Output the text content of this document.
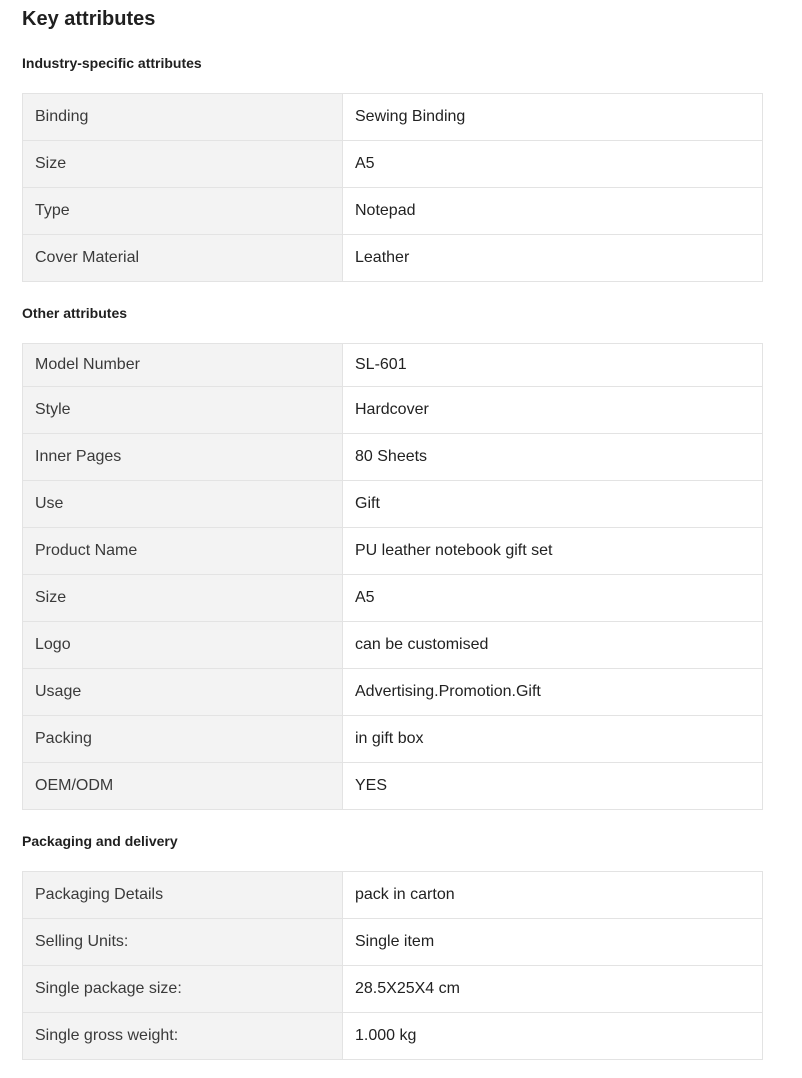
Key attributes
Industry-specific attributes
Binding	Sewing Binding
Size	A5
Type	Notepad
Cover Material	Leather
Other attributes
Model Number	SL-601
Style	Hardcover
Inner Pages	80 Sheets
Use	Gift
Product Name	PU leather notebook gift set
Size	A5
Logo	can be customised
Usage	Advertising.Promotion.Gift
Packing	in gift box
OEM/ODM	YES
Packaging and delivery
Packaging Details	pack in carton
Selling Units:	Single item
Single package size:	28.5X25X4 cm
Single gross weight:	1.000 kg
